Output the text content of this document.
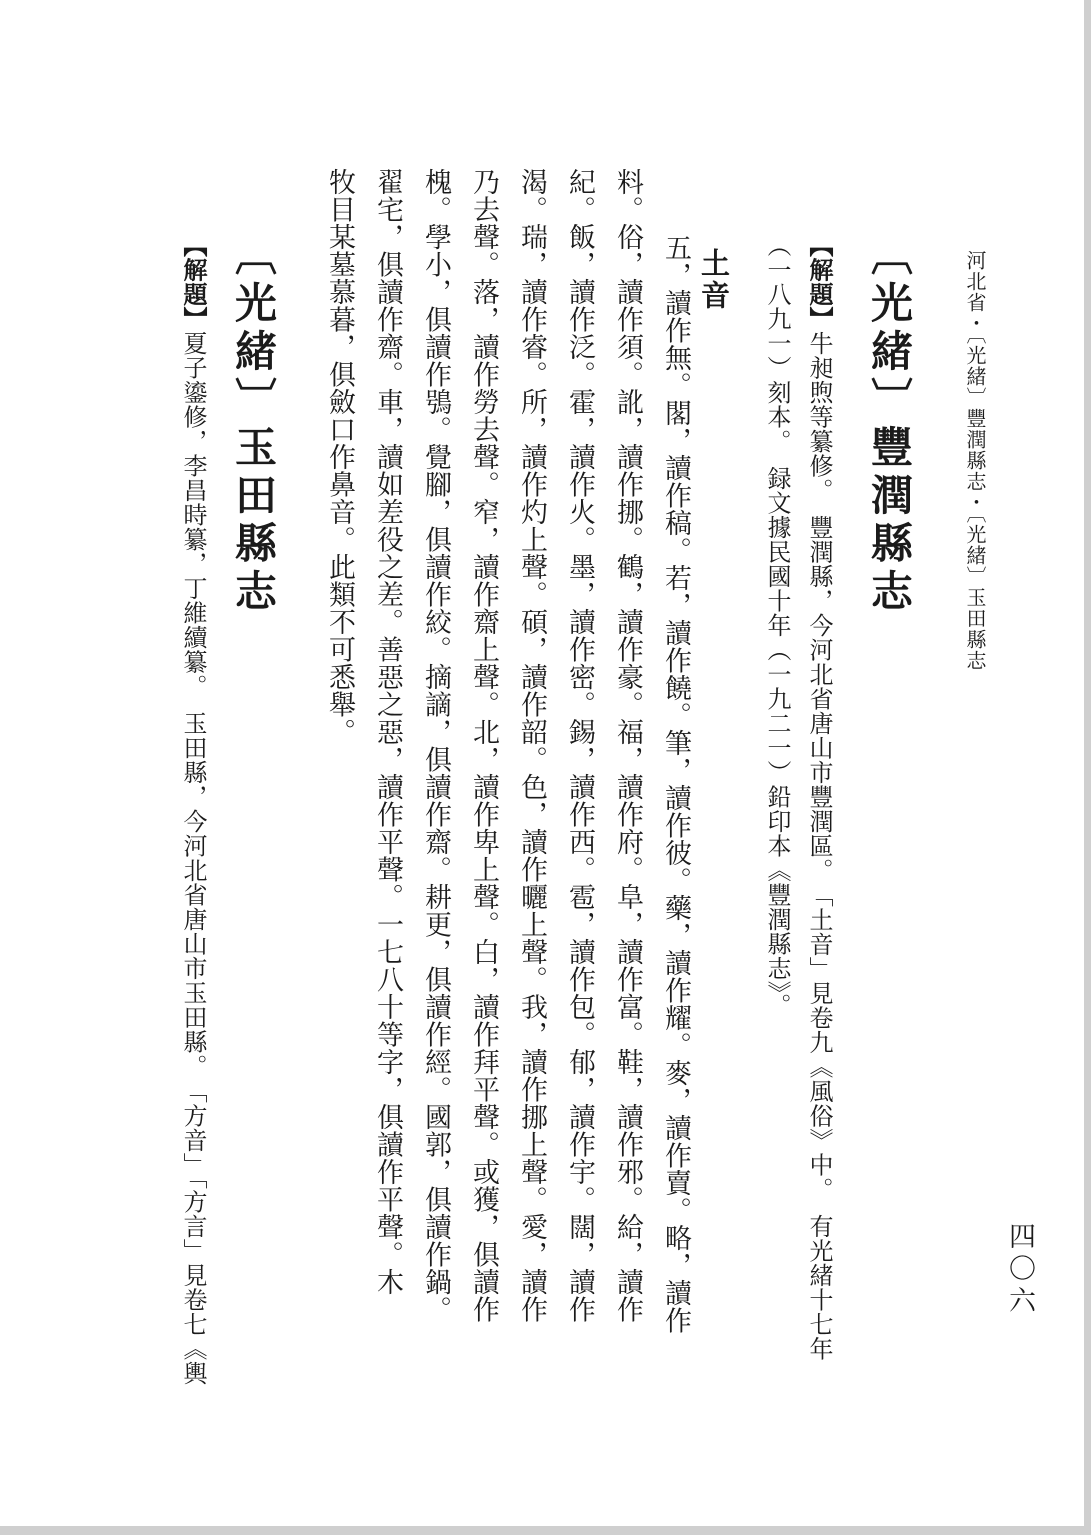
河北省・〔光緒〕豐潤縣志・〔光緒〕玉田縣志
四〇六
〔光緒〕豐潤縣志
【解題】牛昶煦等纂修。　豐潤縣，今河北省唐山市豐潤區。　「土音」見卷九《風俗》中。　有光緒十七年
（一八九一）刻本。　録文據民國十年（一九二一）鉛印本《豐潤縣志》。
土音
五，讀作無。閣，讀作稿。若，讀作饒。筆，讀作彼。藥，讀作耀。麥，讀作賣。略，讀作
料。俗，讀作須。訛，讀作挪。鶴，讀作豪。福，讀作府。阜，讀作富。鞋，讀作邪。給，讀作
紀。飯，讀作泛。霍，讀作火。墨，讀作密。錫，讀作西。雹，讀作包。郁，讀作宇。闊，讀作
渴。瑞，讀作睿。所，讀作灼上聲。碩，讀作韶。色，讀作曬上聲。我，讀作挪上聲。愛，讀作
乃去聲。落，讀作勞去聲。窄，讀作齋上聲。北，讀作卑上聲。白，讀作拜平聲。或獲，俱讀作
槐。學小，俱讀作鴞。覺腳，俱讀作絞。摘謫，俱讀作齋。耕更，俱讀作經。國郭，俱讀作鍋。
翟宅，俱讀作齋。車，讀如差役之差。善惡之惡，讀作平聲。一七八十等字，俱讀作平聲。木
牧目某墓慕暮，俱斂口作鼻音。此類不可悉舉。
〔光緒〕玉田縣志
【解題】夏子鎏修，李昌時纂，丁維續纂。　玉田縣，今河北省唐山市玉田縣。　「方音」「方言」見卷七《輿
